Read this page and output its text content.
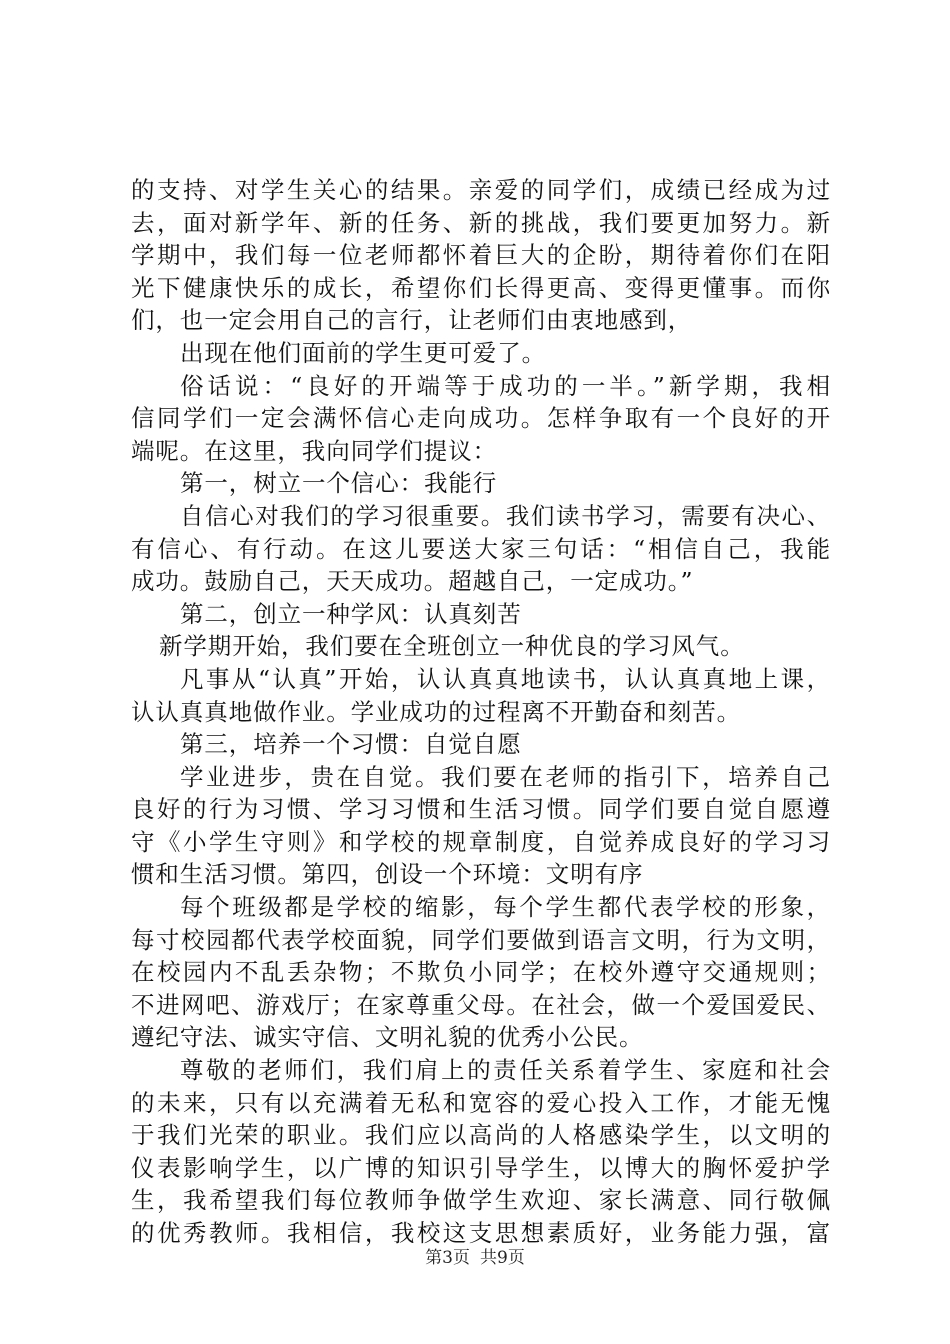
的支持、对学生关心的结果。亲爱的同学们，成绩已经成为过
去，面对新学年、新的任务、新的挑战，我们要更加努力。新
学期中，我们每一位老师都怀着巨大的企盼，期待着你们在阳
光下健康快乐的成长，希望你们长得更高、变得更懂事。而你
们，也一定会用自己的言行，让老师们由衷地感到，
出现在他们面前的学生更可爱了。
俗话说：“良好的开端等于成功的一半。”新学期，我相
信同学们一定会满怀信心走向成功。怎样争取有一个良好的开
端呢。在这里，我向同学们提议：
第一，树立一个信心：我能行
自信心对我们的学习很重要。我们读书学习，需要有决心、
有信心、有行动。在这儿要送大家三句话：“相信自己，我能
成功。鼓励自己，天天成功。超越自己，一定成功。”
第二，创立一种学风：认真刻苦
新学期开始，我们要在全班创立一种优良的学习风气。
凡事从“认真”开始，认认真真地读书，认认真真地上课，
认认真真地做作业。学业成功的过程离不开勤奋和刻苦。
第三，培养一个习惯：自觉自愿
学业进步，贵在自觉。我们要在老师的指引下，培养自己
良好的行为习惯、学习习惯和生活习惯。同学们要自觉自愿遵
守《小学生守则》和学校的规章制度，自觉养成良好的学习习
惯和生活习惯。第四，创设一个环境：文明有序
每个班级都是学校的缩影，每个学生都代表学校的形象，
每寸校园都代表学校面貌，同学们要做到语言文明，行为文明，
在校园内不乱丢杂物；不欺负小同学；在校外遵守交通规则；
不进网吧、游戏厅；在家尊重父母。在社会，做一个爱国爱民、
遵纪守法、诚实守信、文明礼貌的优秀小公民。
尊敬的老师们，我们肩上的责任关系着学生、家庭和社会
的未来，只有以充满着无私和宽容的爱心投入工作，才能无愧
于我们光荣的职业。我们应以高尚的人格感染学生，以文明的
仪表影响学生，以广博的知识引导学生，以博大的胸怀爱护学
生，我希望我们每位教师争做学生欢迎、家长满意、同行敬佩
的优秀教师。我相信，我校这支思想素质好，业务能力强，富
第3页 共9页
